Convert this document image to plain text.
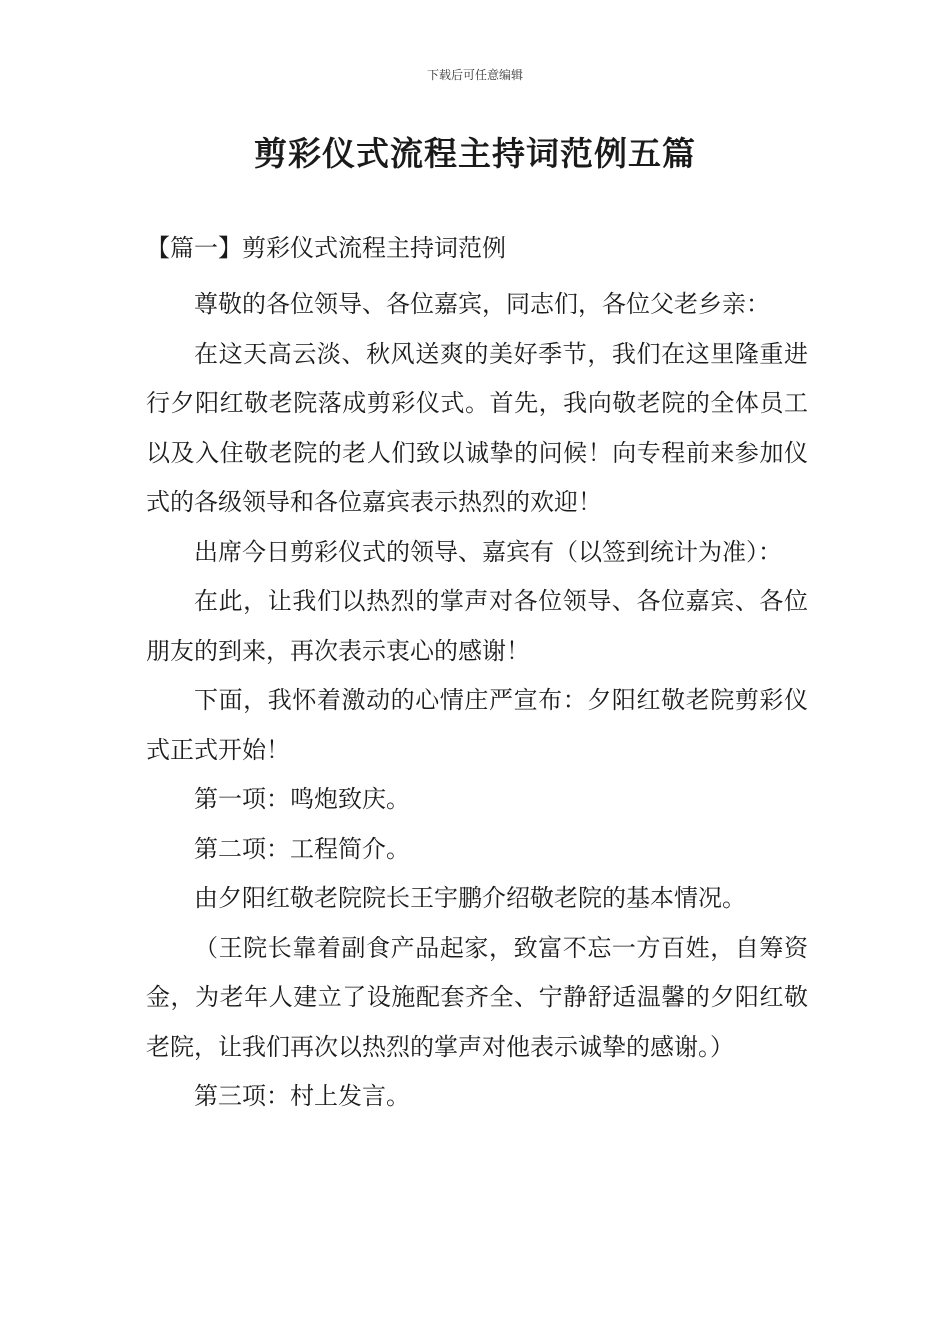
下载后可任意编辑
剪彩仪式流程主持词范例五篇
【篇一】剪彩仪式流程主持词范例

尊敬的各位领导、各位嘉宾，同志们，各位父老乡亲：

在这天高云淡、秋风送爽的美好季节，我们在这里隆重进行夕阳红敬老院落成剪彩仪式。首先，我向敬老院的全体员工以及入住敬老院的老人们致以诚挚的问候！向专程前来参加仪式的各级领导和各位嘉宾表示热烈的欢迎！

出席今日剪彩仪式的领导、嘉宾有（以签到统计为准）：

在此，让我们以热烈的掌声对各位领导、各位嘉宾、各位朋友的到来，再次表示衷心的感谢！

下面，我怀着激动的心情庄严宣布：夕阳红敬老院剪彩仪式正式开始！

第一项：鸣炮致庆。

第二项：工程简介。

由夕阳红敬老院院长王宇鹏介绍敬老院的基本情况。

（王院长靠着副食产品起家，致富不忘一方百姓，自筹资金，为老年人建立了设施配套齐全、宁静舒适温馨的夕阳红敬老院，让我们再次以热烈的掌声对他表示诚挚的感谢。）

第三项：村上发言。
